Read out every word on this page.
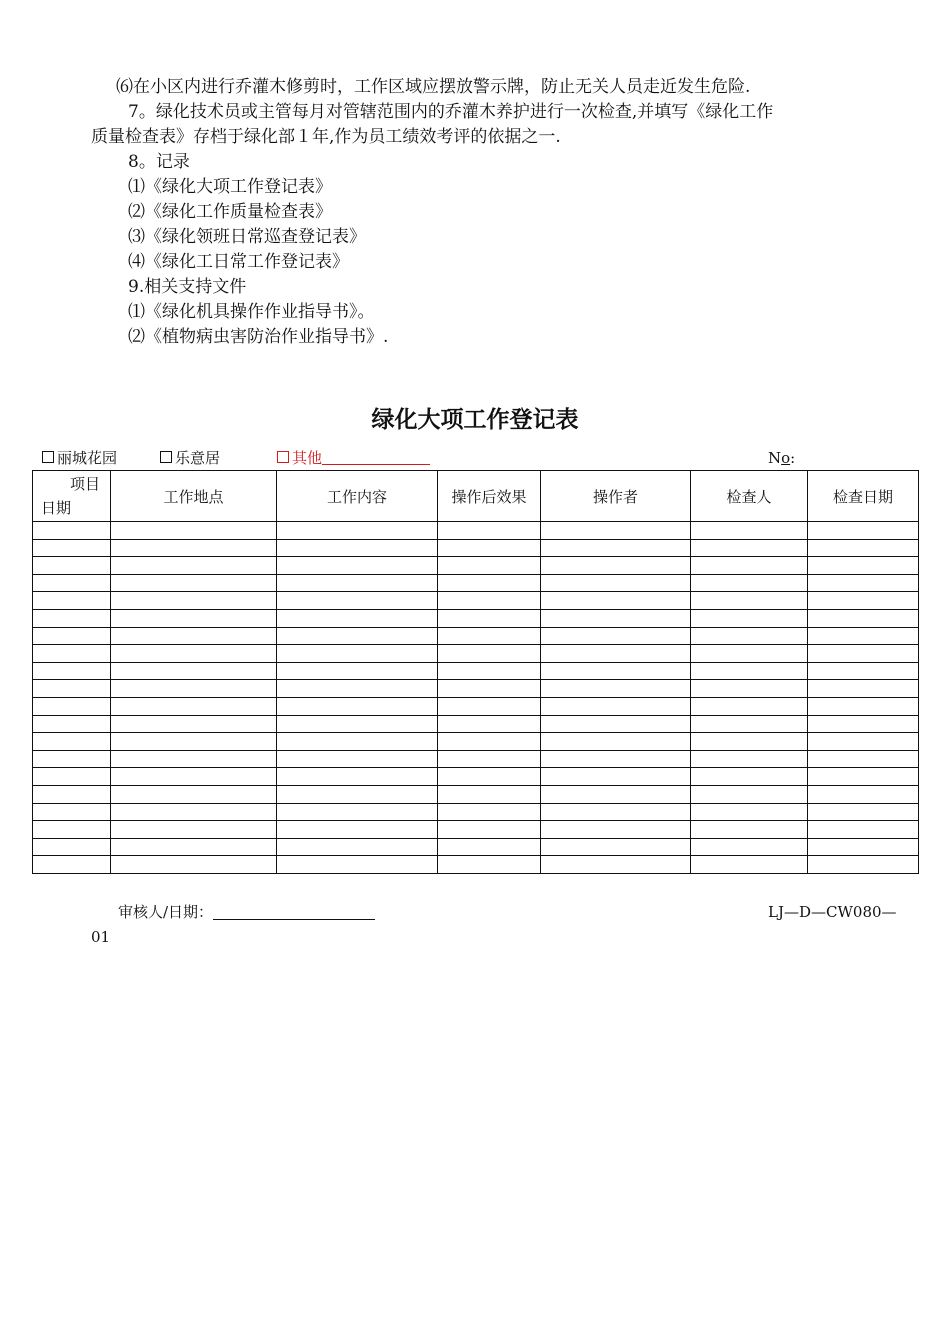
⑹在小区内进行乔灌木修剪时，工作区域应摆放警示牌，防止无关人员走近发生危险.
7。绿化技术员或主管每月对管辖范围内的乔灌木养护进行一次检查,并填写《绿化工作
质量检查表》存档于绿化部１年,作为员工绩效考评的依据之一.
8。记录
⑴《绿化大项工作登记表》
⑵《绿化工作质量检查表》
⑶《绿化领班日常巡查登记表》
⑷《绿化工日常工作登记表》
9.相关支持文件
⑴《绿化机具操作作业指导书》。
⑵《植物病虫害防治作业指导书》.
绿化大项工作登记表
丽城花园	乐意居	其他	No:
项目
日期	工作地点	工作内容	操作后效果	操作者	检查人	检查日期

审核人/日期：	LJ—D—CW080—
01
